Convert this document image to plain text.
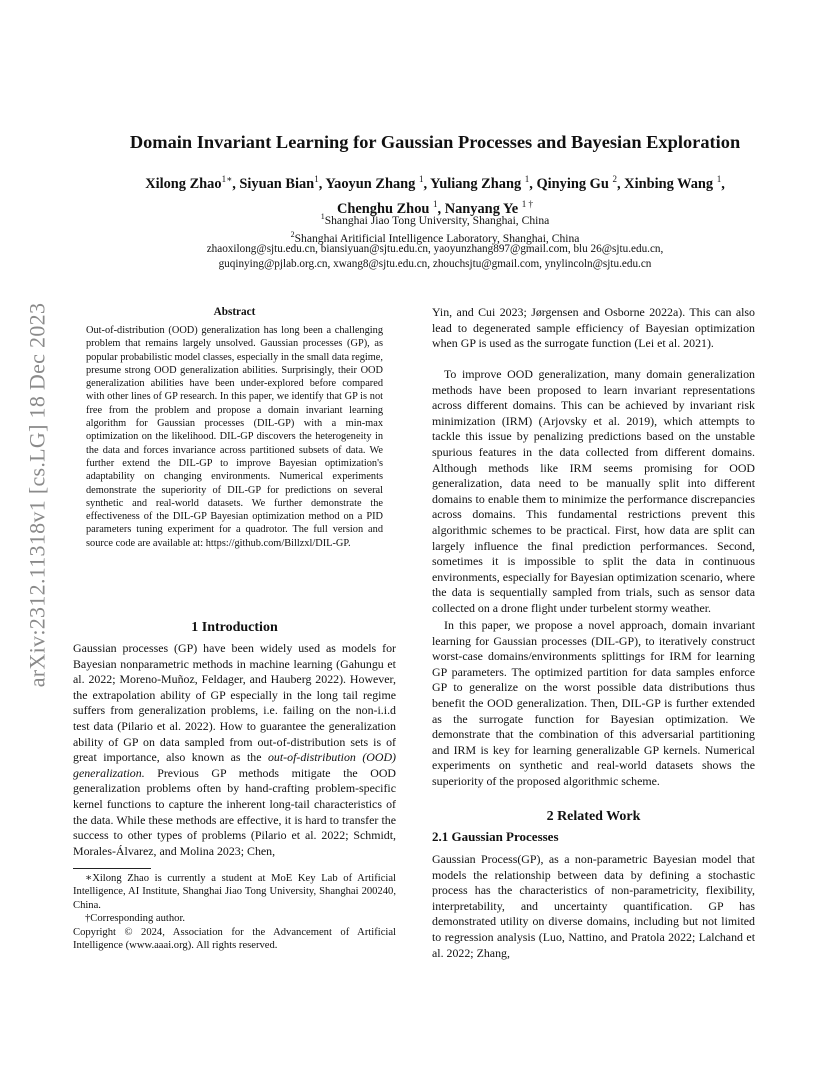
arXiv:2312.11318v1 [cs.LG] 18 Dec 2023
Domain Invariant Learning for Gaussian Processes and Bayesian Exploration
Xilong Zhao$^{1∗}$, Siyuan Bian$^1$, Yaoyun Zhang $^1$, Yuliang Zhang $^1$, Qinying Gu $^2$, Xinbing Wang $^1$,
Chenghu Zhou $^1$, Nanyang Ye $^{1 \dagger}$
$^1$Shanghai Jiao Tong University, Shanghai, China
$^2$Shanghai Aritificial Intelligence Laboratory, Shanghai, China
zhaoxilong@sjtu.edu.cn, biansiyuan@sjtu.edu.cn, yaoyunzhang897@gmail.com, blu 26@sjtu.edu.cn,
guqinying@pjlab.org.cn, xwang8@sjtu.edu.cn, zhouchsjtu@gmail.com, ynylincoln@sjtu.edu.cn
Abstract

Out-of-distribution (OOD) generalization has long been a challenging problem that remains largely unsolved. Gaussian processes (GP), as popular probabilistic model classes, especially in the small data regime, presume strong OOD generalization abilities. Surprisingly, their OOD generalization abilities have been under-explored before compared with other lines of GP research. In this paper, we identify that GP is not free from the problem and propose a domain invariant learning algorithm for Gaussian processes (DIL-GP) with a min-max optimization on the likelihood. DIL-GP discovers the heterogeneity in the data and forces invariance across partitioned subsets of data. We further extend the DIL-GP to improve Bayesian optimization's adaptability on changing environments. Numerical experiments demonstrate the superiority of DIL-GP for predictions on several synthetic and real-world datasets. We further demonstrate the effectiveness of the DIL-GP Bayesian optimization method on a PID parameters tuning experiment for a quadrotor. The full version and source code are available at: https://github.com/Billzxl/DIL-GP.

1 Introduction

Gaussian processes (GP) have been widely used as models for Bayesian nonparametric methods in machine learning (Gahungu et al. 2022; Moreno-Muñoz, Feldager, and Hauberg 2022). However, the extrapolation ability of GP especially in the long tail regime suffers from generalization problems, i.e. failing on the non-i.i.d test data (Pilario et al. 2022). How to guarantee the generalization ability of GP on data sampled from out-of-distribution sets is of great importance, also known as the out-of-distribution (OOD) generalization. Previous GP methods mitigate the OOD generalization problems often by hand-crafting problem-specific kernel functions to capture the inherent long-tail characteristics of the data. While these methods are effective, it is hard to transfer the success to other types of problems (Pilario et al. 2022; Schmidt, Morales-Álvarez, and Molina 2023; Chen,

∗Xilong Zhao is currently a student at MoE Key Lab of Artificial Intelligence, AI Institute, Shanghai Jiao Tong University, Shanghai 200240, China.

†Corresponding author.

Copyright © 2024, Association for the Advancement of Artificial Intelligence (www.aaai.org). All rights reserved.

Yin, and Cui 2023; Jørgensen and Osborne 2022a). This can also lead to degenerated sample efficiency of Bayesian optimization when GP is used as the surrogate function (Lei et al. 2021).

To improve OOD generalization, many domain generalization methods have been proposed to learn invariant representations across different domains. This can be achieved by invariant risk minimization (IRM) (Arjovsky et al. 2019), which attempts to tackle this issue by penalizing predictions based on the unstable spurious features in the data collected from different domains. Although methods like IRM seems promising for OOD generalization, data need to be manually split into different domains to enable them to minimize the performance discrepancies across domains. This fundamental restrictions prevent this algorithmic schemes to be practical. First, how data are split can largely influence the final prediction performances. Second, sometimes it is impossible to split the data in continuous environments, especially for Bayesian optimization scenario, where the data is sequentially sampled from trials, such as sensor data collected on a drone flight under turbelent stormy weather.

In this paper, we propose a novel approach, domain invariant learning for Gaussian processes (DIL-GP), to iteratively construct worst-case domains/environments splittings for IRM for learning GP parameters. The optimized partition for data samples enforce GP to generalize on the worst possible data distributions thus benefit the OOD generalization. Then, DIL-GP is further extended as the surrogate function for Bayesian optimization. We demonstrate that the combination of this adversarial partitioning and IRM is key for learning generalizable GP kernels. Numerical experiments on synthetic and real-world datasets shows the superiority of the proposed algorithmic scheme.

2 Related Work
2.1 Gaussian Processes

Gaussian Process(GP), as a non-parametric Bayesian model that models the relationship between data by defining a stochastic process has the characteristics of non-parametricity, flexibility, interpretability, and uncertainty quantification. GP has demonstrated utility on diverse domains, including but not limited to regression analysis (Luo, Nattino, and Pratola 2022; Lalchand et al. 2022; Zhang,
